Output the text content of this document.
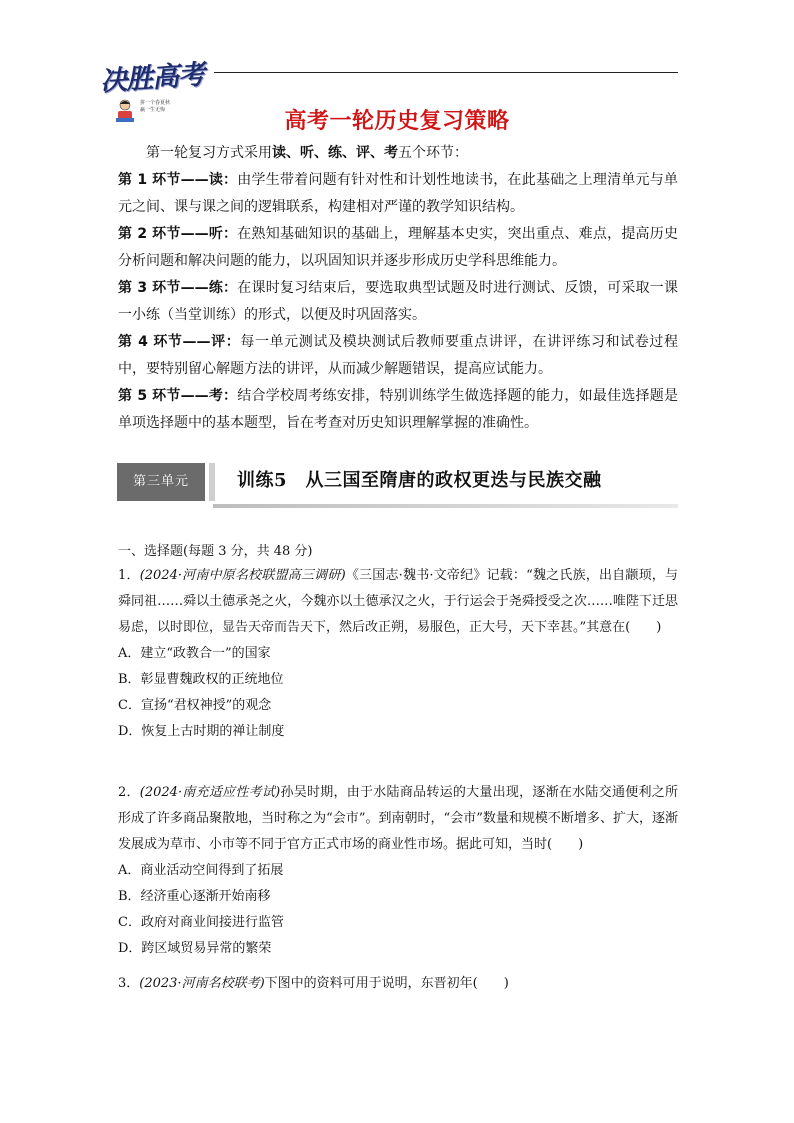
决胜高考
拼一个春夏秋
赢一生无悔	高考一轮历史复习策略

第一轮复习方式采用读、听、练、评、考五个环节：

第 1 环节——读：由学生带着问题有针对性和计划性地读书，在此基础之上理清单元与单元之间、课与课之间的逻辑联系，构建相对严谨的教学知识结构。

第 2 环节——听：在熟知基础知识的基础上，理解基本史实，突出重点、难点，提高历史分析问题和解决问题的能力，以巩固知识并逐步形成历史学科思维能力。

第 3 环节——练：在课时复习结束后，要选取典型试题及时进行测试、反馈，可采取一课一小练（当堂训练）的形式，以便及时巩固落实。

第 4 环节——评：每一单元测试及模块测试后教师要重点讲评，在讲评练习和试卷过程中，要特别留心解题方法的讲评，从而减少解题错误，提高应试能力。

第 5 环节——考：结合学校周考练安排，特别训练学生做选择题的能力，如最佳选择题是单项选择题中的基本题型，旨在考查对历史知识理解掌握的准确性。

第三单元	训练5　从三国至隋唐的政权更迭与民族交融
一、选择题(每题 3 分，共 48 分)

1．(2024·河南中原名校联盟高三调研)《三国志·魏书·文帝纪》记载：“魏之氏族，出自颛顼，与舜同祖……舜以土德承尧之火，今魏亦以土德承汉之火，于行运会于尧舜授受之次……唯陛下迁思易虑，以时即位，显告天帝而告天下，然后改正朔，易服色，正大号，天下幸甚。”其意在(　　)

A．建立“政教合一”的国家

B．彰显曹魏政权的正统地位

C．宣扬“君权神授”的观念

D．恢复上古时期的禅让制度

2．(2024·南充适应性考试)孙吴时期，由于水陆商品转运的大量出现，逐渐在水陆交通便利之所形成了许多商品聚散地，当时称之为“会市”。到南朝时，“会市”数量和规模不断增多、扩大，逐渐发展成为草市、小市等不同于官方正式市场的商业性市场。据此可知，当时(　　)

A．商业活动空间得到了拓展

B．经济重心逐渐开始南移

C．政府对商业间接进行监管

D．跨区域贸易异常的繁荣

3．(2023·河南名校联考)下图中的资料可用于说明，东晋初年(　　)
